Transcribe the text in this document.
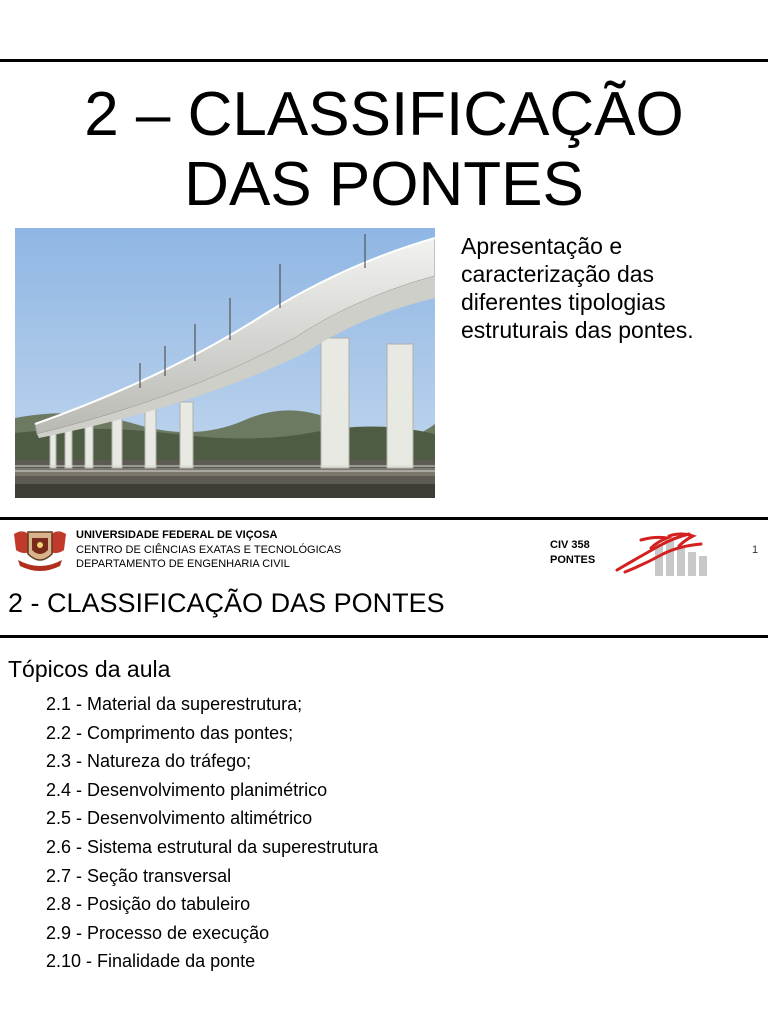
2 – CLASSIFICAÇÃO
DAS PONTES
Apresentação e caracterização das diferentes tipologias estruturais das pontes.
UNIVERSIDADE FEDERAL DE VIÇOSA
CENTRO DE CIÊNCIAS EXATAS E TECNOLÓGICAS
DEPARTAMENTO DE ENGENHARIA CIVIL
CIV 358
PONTES
1
2 - CLASSIFICAÇÃO DAS PONTES
Tópicos da aula
2.1 - Material da superestrutura;
2.2 - Comprimento das pontes;
2.3 - Natureza do tráfego;
2.4 - Desenvolvimento planimétrico
2.5 - Desenvolvimento altimétrico
2.6 - Sistema estrutural da superestrutura
2.7 - Seção transversal
2.8 - Posição do tabuleiro
2.9 - Processo de execução
2.10 - Finalidade da ponte
